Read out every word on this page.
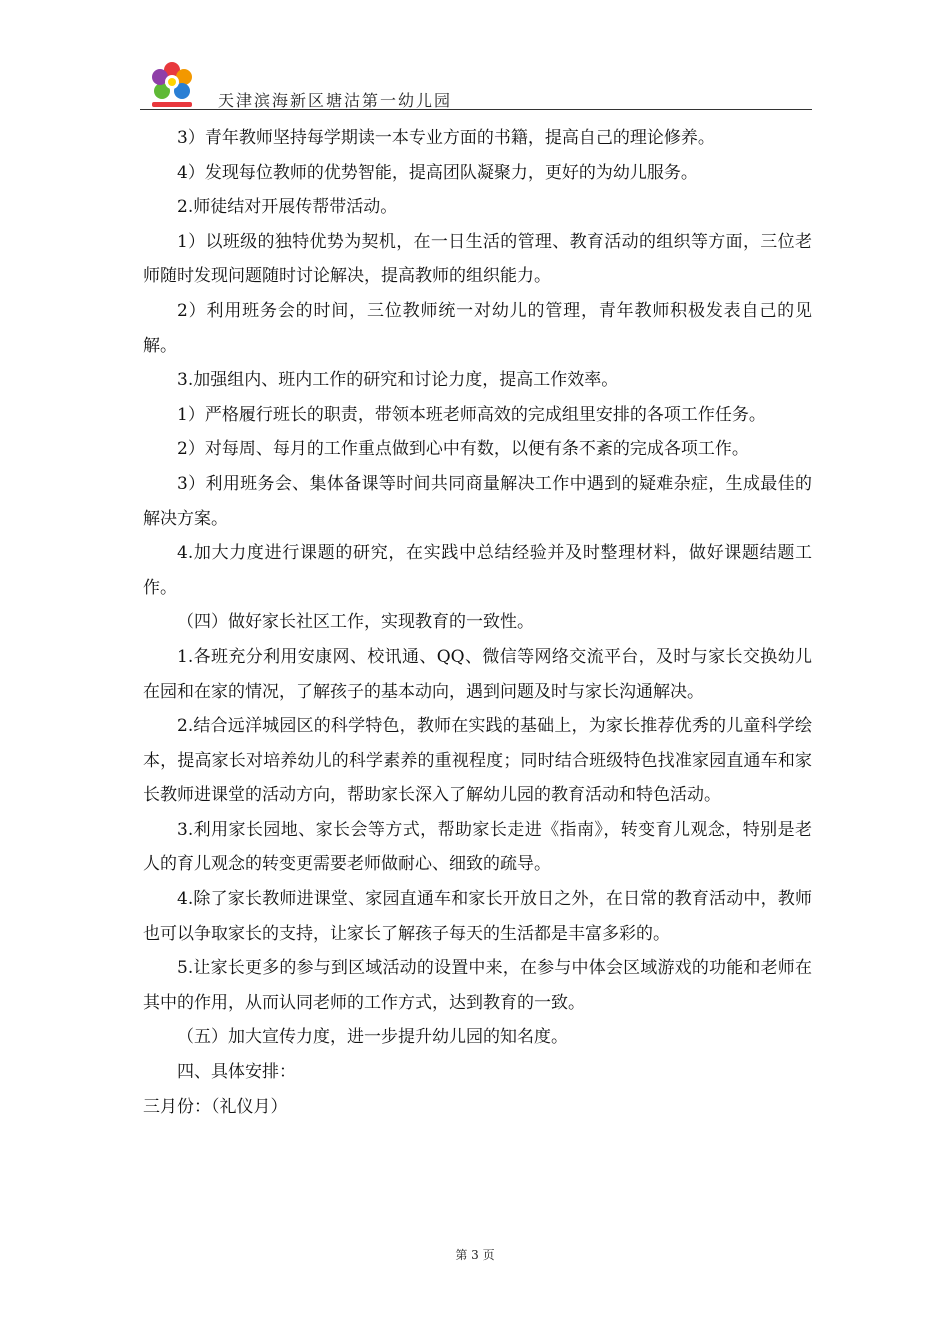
天津滨海新区塘沽第一幼儿园

3）青年教师坚持每学期读一本专业方面的书籍，提高自己的理论修养。

4）发现每位教师的优势智能，提高团队凝聚力，更好的为幼儿服务。

2.师徒结对开展传帮带活动。

1）以班级的独特优势为契机，在一日生活的管理、教育活动的组织等方面，三位老师随时发现问题随时讨论解决，提高教师的组织能力。

2）利用班务会的时间，三位教师统一对幼儿的管理，青年教师积极发表自己的见解。

3.加强组内、班内工作的研究和讨论力度，提高工作效率。

1）严格履行班长的职责，带领本班老师高效的完成组里安排的各项工作任务。

2）对每周、每月的工作重点做到心中有数，以便有条不紊的完成各项工作。

3）利用班务会、集体备课等时间共同商量解决工作中遇到的疑难杂症，生成最佳的解决方案。

4.加大力度进行课题的研究，在实践中总结经验并及时整理材料，做好课题结题工作。

（四）做好家长社区工作，实现教育的一致性。

1.各班充分利用安康网、校讯通、QQ、微信等网络交流平台，及时与家长交换幼儿在园和在家的情况，了解孩子的基本动向，遇到问题及时与家长沟通解决。

2.结合远洋城园区的科学特色，教师在实践的基础上，为家长推荐优秀的儿童科学绘本，提高家长对培养幼儿的科学素养的重视程度；同时结合班级特色找准家园直通车和家长教师进课堂的活动方向，帮助家长深入了解幼儿园的教育活动和特色活动。

3.利用家长园地、家长会等方式，帮助家长走进《指南》，转变育儿观念，特别是老人的育儿观念的转变更需要老师做耐心、细致的疏导。

4.除了家长教师进课堂、家园直通车和家长开放日之外，在日常的教育活动中，教师也可以争取家长的支持，让家长了解孩子每天的生活都是丰富多彩的。

5.让家长更多的参与到区域活动的设置中来，在参与中体会区域游戏的功能和老师在其中的作用，从而认同老师的工作方式，达到教育的一致。

（五）加大宣传力度，进一步提升幼儿园的知名度。

四、具体安排：

三月份：（礼仪月）

第 3 页
